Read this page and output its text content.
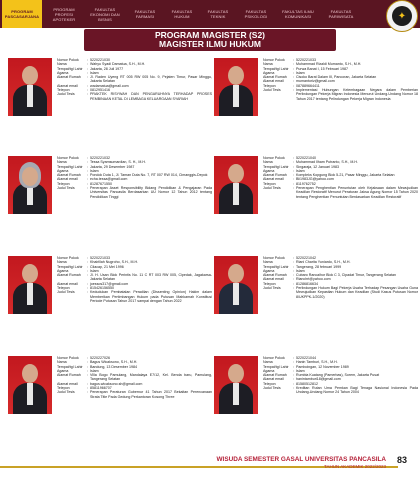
PROGRAM PASCASARJANA
PROGRAM PROFESI APOTEKER
FAKULTAS EKONOMI DAN BISNIS
FAKULTAS FARMASI
FAKULTAS HUKUM
FAKULTAS TEKNIK
FAKULTAS PSIKOLOGI
FAKULTAS ILMU KOMUNIKASI
FAKULTAS PARIWISATA	✦
PROGRAM MAGISTER (S2)
MAGISTER ILMU HUKUM
Nomor Pokok	: 5220221030
Nama	: Wahyu Syadi Damatua, S.H., M.H.
Tempat/tgl Lahir	: Jakarta, 28 Juli 1977
Agama	: Islam
Alamat Rumah	: Jl. Raden Uyeng RT 005 RW 005 No. 9, Pejaten Timur, Pasar Minggu, Jakarta Selatan
Alamat email	: wadamatua@gmail.com
Telepon	: 0812951416
Judul Tesis	: PRAKTEK RISYWAH DAN PENGARUHNYA TERHADAP PROSES PEMBINAAN KETAL DI LEMBAGA KELUARGAAN SYARIAH
Nomor Pokok	: 5220221033
Nama	: Muhammad Rizaldi Mumanto, S.H., M.H.
Tempat/tgl Lahir	: Purwa Banat I, 15 Februari 1987
Agama	: Islam
Alamat Rumah	: Cisoko Barat Dalam III, Pancoran, Jakarta Selatan
Alamat email	: mumantoriz@gmail.com
Telepon	: 087889664411
Judul Tesis	: Implementasi Hubungan Kelembagaan Negara dalam Pemberian Perlindungan Pekerja Migran Indonesia Menurut Undang-Undang Nomor 18 Tahun 2017 tentang Pelindungan Pekerja Migran Indonesia
Nomor Pokok	: 5220221032
Nama	: Tessa Syamsumardian, S. H., M.H.
Tempat/tgl Lahir	: Jakarta, 29 Desember 1987
Agama	: Islam
Alamat Rumah	: Pondok Duta 1, Jl. Taman Duta No. 7, RT 007 RW 014, Cimanggis-Depok
Alamat email	: echa.tessa@gmail.com
Telepon	: 81287671550
Judul Tesis	: Penerapan Asset Responsibility Bidang Pendidikan & Pengajaran Pada Universitas Pancasila Berdasarkan UU Nomor 12 Tahun 2012 tentang Pendidikan Tinggi
Nomor Pokok	: 5220221040
Nama	: Muhammad Ilham Putranto, S.H., M.H.
Tempat/tgl Lahir	: Singaraja, 12 Januari 1983
Agama	: Islam
Alamat Rumah	: Kompleks Kopgung Blok 5-21, Pasar Minggu, Jakarta Selatan
Alamat email	: Bli1983JG@yahoo.com
Telepon	: 8119762752
Judul Tesis	: Penerapan Penghentian Penuntutan oleh Kejaksaan dalam Mewujudkan Keadilan Restoratif Menurut Peraturan Jaksa Agung Nomor 15 Tahun 2020 tentang Penghentian Penuntutan Berdasarkan Keadilan Restoratif
Nomor Pokok	: 5220221033
Nama	: Khairillah Nugroho, S.H., M.H.
Tempat/tgl Lahir	: Cilacap, 21 Mei 1996
Agama	: Islam
Alamat Rumah	: Jl. H. Usan Blok Perintis No. 11 C RT 003 RW 005, Cipedak, Jagakarsa-Jakarta Selatan
Alamat email	: joessos317@gmail.com
Telepon	: 815426156550
Judul Tesis	: Kedudukan Pembatalan Peradilan (Dissenting Opinion) Hakim dalam Memberikan Pertimbangan Hukum pada Putusan Mahkamah Konstitusi Periode Putusan Tahun 2017 sampai dengan Tahun 2022
Nomor Pokok	: 5220221042
Nama	: Riani Charita Yuniardo, S.H., M.H.
Tempat/tgl Lahir	: Tangerang, 28 februari 1999
Agama	: Islam
Alamat Rumah	: Cubaro Rancaihor Blok C 3, Cipadat Timur, Tangerang Selatan
Alamat email	: Rianchrt@yahoo.com
Telepon	: 81286816634
Judul Tesis	: Perlindungan Hukum Bagi Pekerja Usaha Terhadap Pesangan Usaha Guna Mewujudkan Kepastian Hukum dan Keadilan (Studi Kasus Putusan Nomor 8/UKPPK-1/2020)
Nomor Pokok	: 5220227026
Nama	: Bagus Wicaksono, S.H., M.H.
Tempat/tgl Lahir	: Bandung, 13 Desember 1984
Agama	: Islam
Alamat Rumah	: Villa Bogo Pamulang, Mandalaya E7/12, Kel. Benda baru, Pamulang, Tangerang Selatan
Alamat email	: bagus.wicaksono.sh@gmail.com
Telepon	: 85811966707
Judul Tesis	: Penerapan Peraturan Gubernur 41 Tahun 2017 Bekaitan Perencanaan Strata Title Pada Gedung Perkantoran Kosong Three
Nomor Pokok	: 5220221044
Nama	: Hanin Tamburi, S.H., M.H.
Tempat/tgl Lahir	: Pamboingan, 12 November 1989
Agama	: Islam
Alamat Rumah	: Rumbia Kuatang (Pamerbas), Sorem, Jakarta Pusat
Alamat email	: hanintamburi18@gmail.com
Telepon	: 81580512812
Judul Tesis	: Kreditan Rutan Uma Pemkan Bagi Tenaga Nasional Indonesia Pada Undang-Undang Nomor 24 Tahun 2004
WISUDA SEMESTER GASAL UNIVERSITAS PANCASILA
TAHUN AKADEMIK 2022/2023
83
